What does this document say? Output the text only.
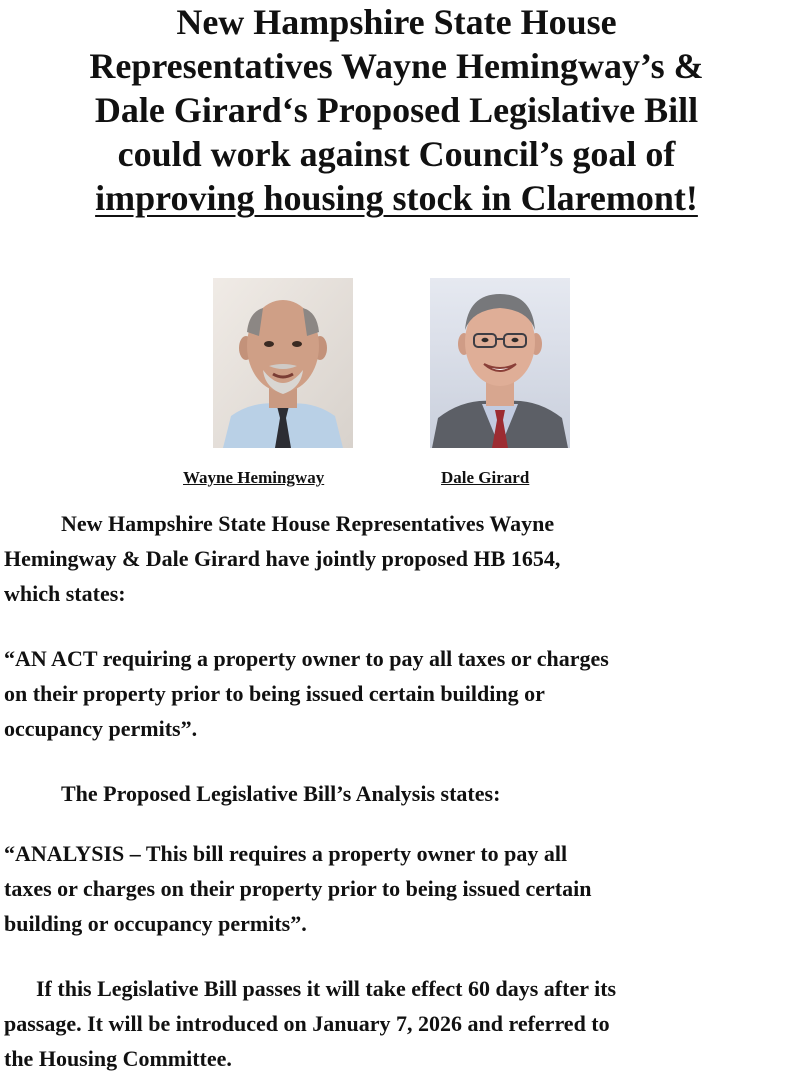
New Hampshire State House
Representatives Wayne Hemingway’s &
Dale Girard‘s Proposed Legislative Bill
could work against Council’s goal of
improving housing stock in Claremont!
Wayne Hemingway	Dale Girard

New Hampshire State House Representatives Wayne
Hemingway & Dale Girard have jointly proposed HB 1654,
which states:

“AN ACT requiring a property owner to pay all taxes or charges
on their property prior to being issued certain building or
occupancy permits”.

The Proposed Legislative Bill’s Analysis states:

“ANALYSIS – This bill requires a property owner to pay all
taxes or charges on their property prior to being issued certain
building or occupancy permits”.

If this Legislative Bill passes it will take effect 60 days after its
passage. It will be introduced on January 7, 2026 and referred to
the Housing Committee.
